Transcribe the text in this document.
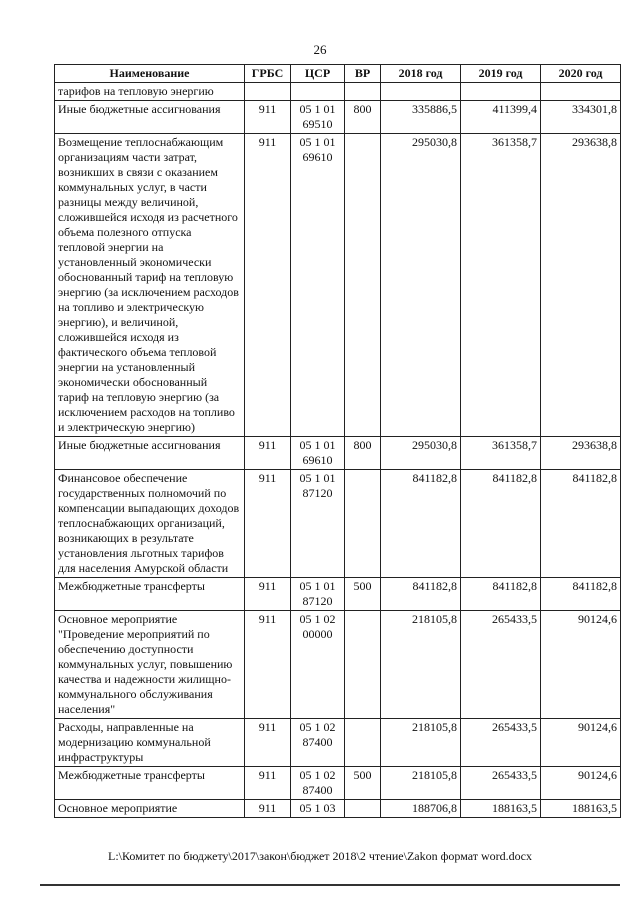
26
Наименование	ГРБС	ЦСР	ВР	2018 год	2019 год	2020 год
тарифов на тепловую энергию						
Иные бюджетные ассигнования	911	05 1 01 69510	800	335886,5	411399,4	334301,8
Возмещение теплоснабжающим организациям части затрат, возникших в связи с оказанием коммунальных услуг, в части разницы между величиной, сложившейся исходя из расчетного объема полезного отпуска тепловой энергии на установленный экономически обоснованный тариф на тепловую энергию (за исключением расходов на топливо и электрическую энергию), и величиной, сложившейся исходя из фактического объема тепловой энергии на установленный экономически обоснованный тариф на тепловую энергию (за исключением расходов на топливо и электрическую энергию)	911	05 1 01 69610		295030,8	361358,7	293638,8
Иные бюджетные ассигнования	911	05 1 01 69610	800	295030,8	361358,7	293638,8
Финансовое обеспечение государственных полномочий по компенсации выпадающих доходов теплоснабжающих организаций, возникающих в результате установления льготных тарифов для населения Амурской области	911	05 1 01 87120		841182,8	841182,8	841182,8
Межбюджетные трансферты	911	05 1 01 87120	500	841182,8	841182,8	841182,8
Основное мероприятие "Проведение мероприятий по обеспечению доступности коммунальных услуг, повышению качества и надежности жилищно-коммунального обслуживания населения"	911	05 1 02 00000		218105,8	265433,5	90124,6
Расходы, направленные на модернизацию коммунальной инфраструктуры	911	05 1 02 87400		218105,8	265433,5	90124,6
Межбюджетные трансферты	911	05 1 02 87400	500	218105,8	265433,5	90124,6
Основное мероприятие	911	05 1 03		188706,8	188163,5	188163,5
L:\Комитет по бюджету\2017\закон\бюджет 2018\2 чтение\Zakon формат word.docx
